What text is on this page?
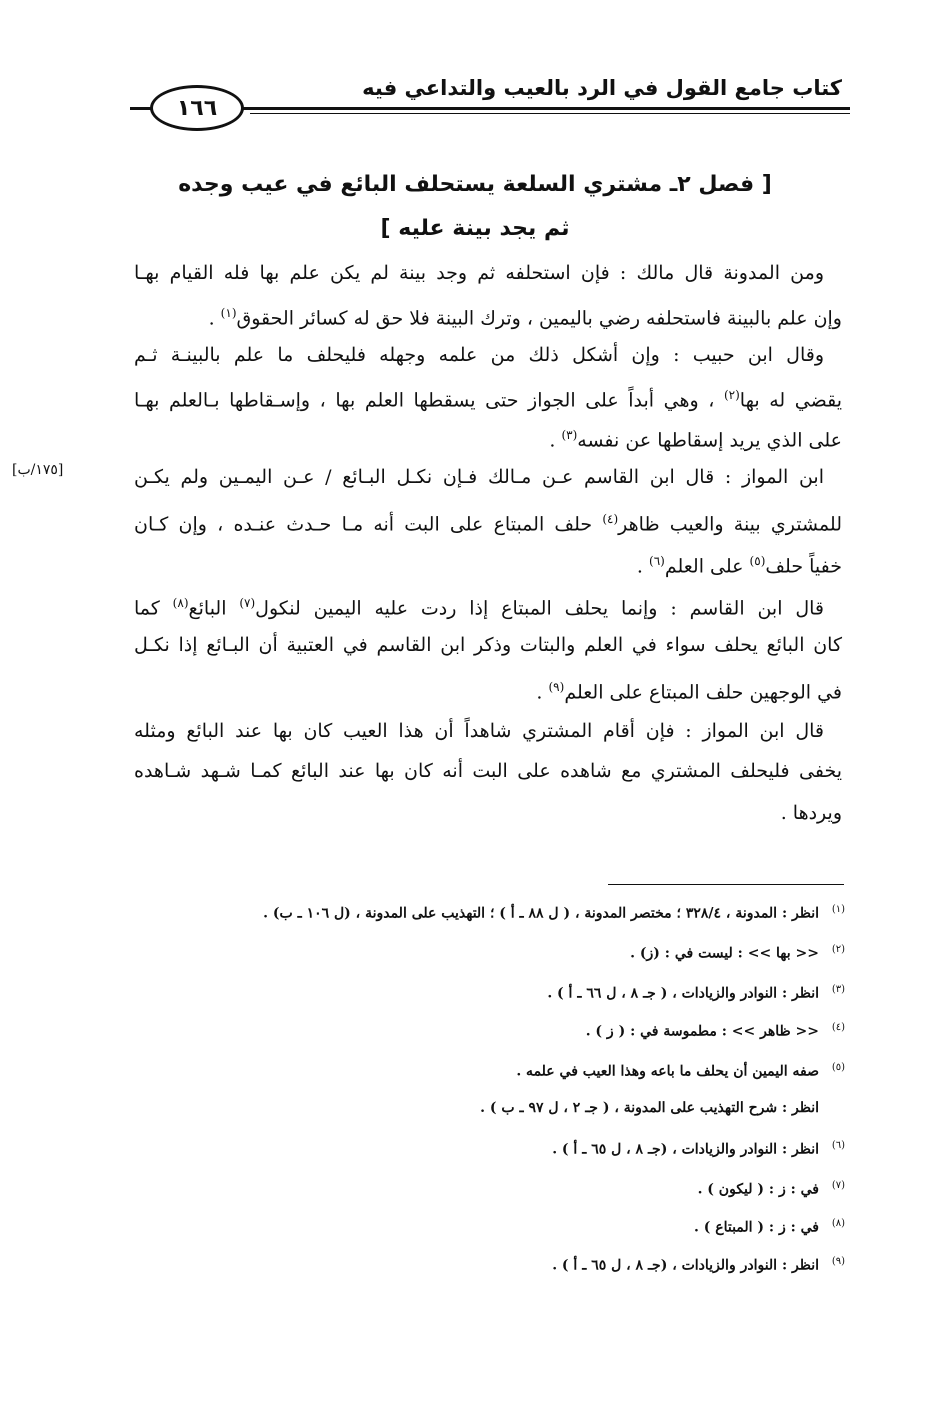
كتاب جامع القول في الرد بالعيب والتداعي فيه
١٦٦
[ فصل ٢ـ مشتري السلعة يستحلف البائع في عيب وجده
ثم يجد بينة عليه ]
ومن المدونة قال مالك : فإن استحلفه ثم وجد بينة لم يكن علم بها فله القيام بهـا
وإن علم بالبينة فاستحلفه رضي باليمين ، وترك البينة فلا حق له كسائر الحقوق$^{(١)}$ .
وقال ابن حبيب : وإن أشكل ذلك من علمه وجهله فليحلف ما علم بالبينـة ثـم
يقضي له بها$^{(٢)}$ ، وهي أبداً على الجواز حتى يسقطها العلم بها ، وإسـقاطها بـالعلم بهـا
على الذي يريد إسقاطها عن نفسه$^{(٣)}$ .
[١٧٥/ب]	ابن المواز : قال ابن القاسم عـن مـالك فـإن نكـل البـائع / عـن اليمـين ولم يكـن
للمشتري بينة والعيب ظاهر$^{(٤)}$ حلف المبتاع على البت أنه مـا حـدث عنـده ، وإن كـان
خفياً حلف$^{(٥)}$ على العلم$^{(٦)}$ .
قال ابن القاسم : وإنما يحلف المبتاع إذا ردت عليه اليمين لنكول$^{(٧)}$ البائع$^{(٨)}$ كما
كان البائع يحلف سواء في العلم والبتات وذكر ابن القاسم في العتبية أن البـائع إذا نكـل
في الوجهين حلف المبتاع على العلم$^{(٩)}$ .
قال ابن المواز : فإن أقام المشتري شاهداً أن هذا العيب كان بها عند البائع ومثله
يخفى فليحلف المشتري مع شاهده على البت أنه كان بها عند البائع كمـا شـهد شـاهده
ويردها .
(١)انظر : المدونة ، ٣٢٨/٤ ؛ مختصر المدونة ، ( ل ٨٨ ـ أ ) ؛ التهذيب على المدونة ، (ل ١٠٦ ـ ب) .
(٢)<< بها >> : ليست في : (ز) .
(٣)انظر : النوادر والزيادات ، ( جـ ٨ ، ل ٦٦ ـ أ ) .
(٤)<< ظاهر >> : مطموسة في : ( ز ) .
(٥)صفه اليمين أن يحلف ما باعه وهذا العيب في علمه .
انظر : شرح التهذيب على المدونة ، ( جـ ٢ ، ل ٩٧ ـ ب ) .
(٦)انظر : النوادر والزيادات ، (جـ ٨ ، ل ٦٥ ـ أ ) .
(٧)في : ز : ( ليكون ) .
(٨)في : ز : ( المبتاع ) .
(٩)انظر : النوادر والزيادات ، (جـ ٨ ، ل ٦٥ ـ أ ) .
